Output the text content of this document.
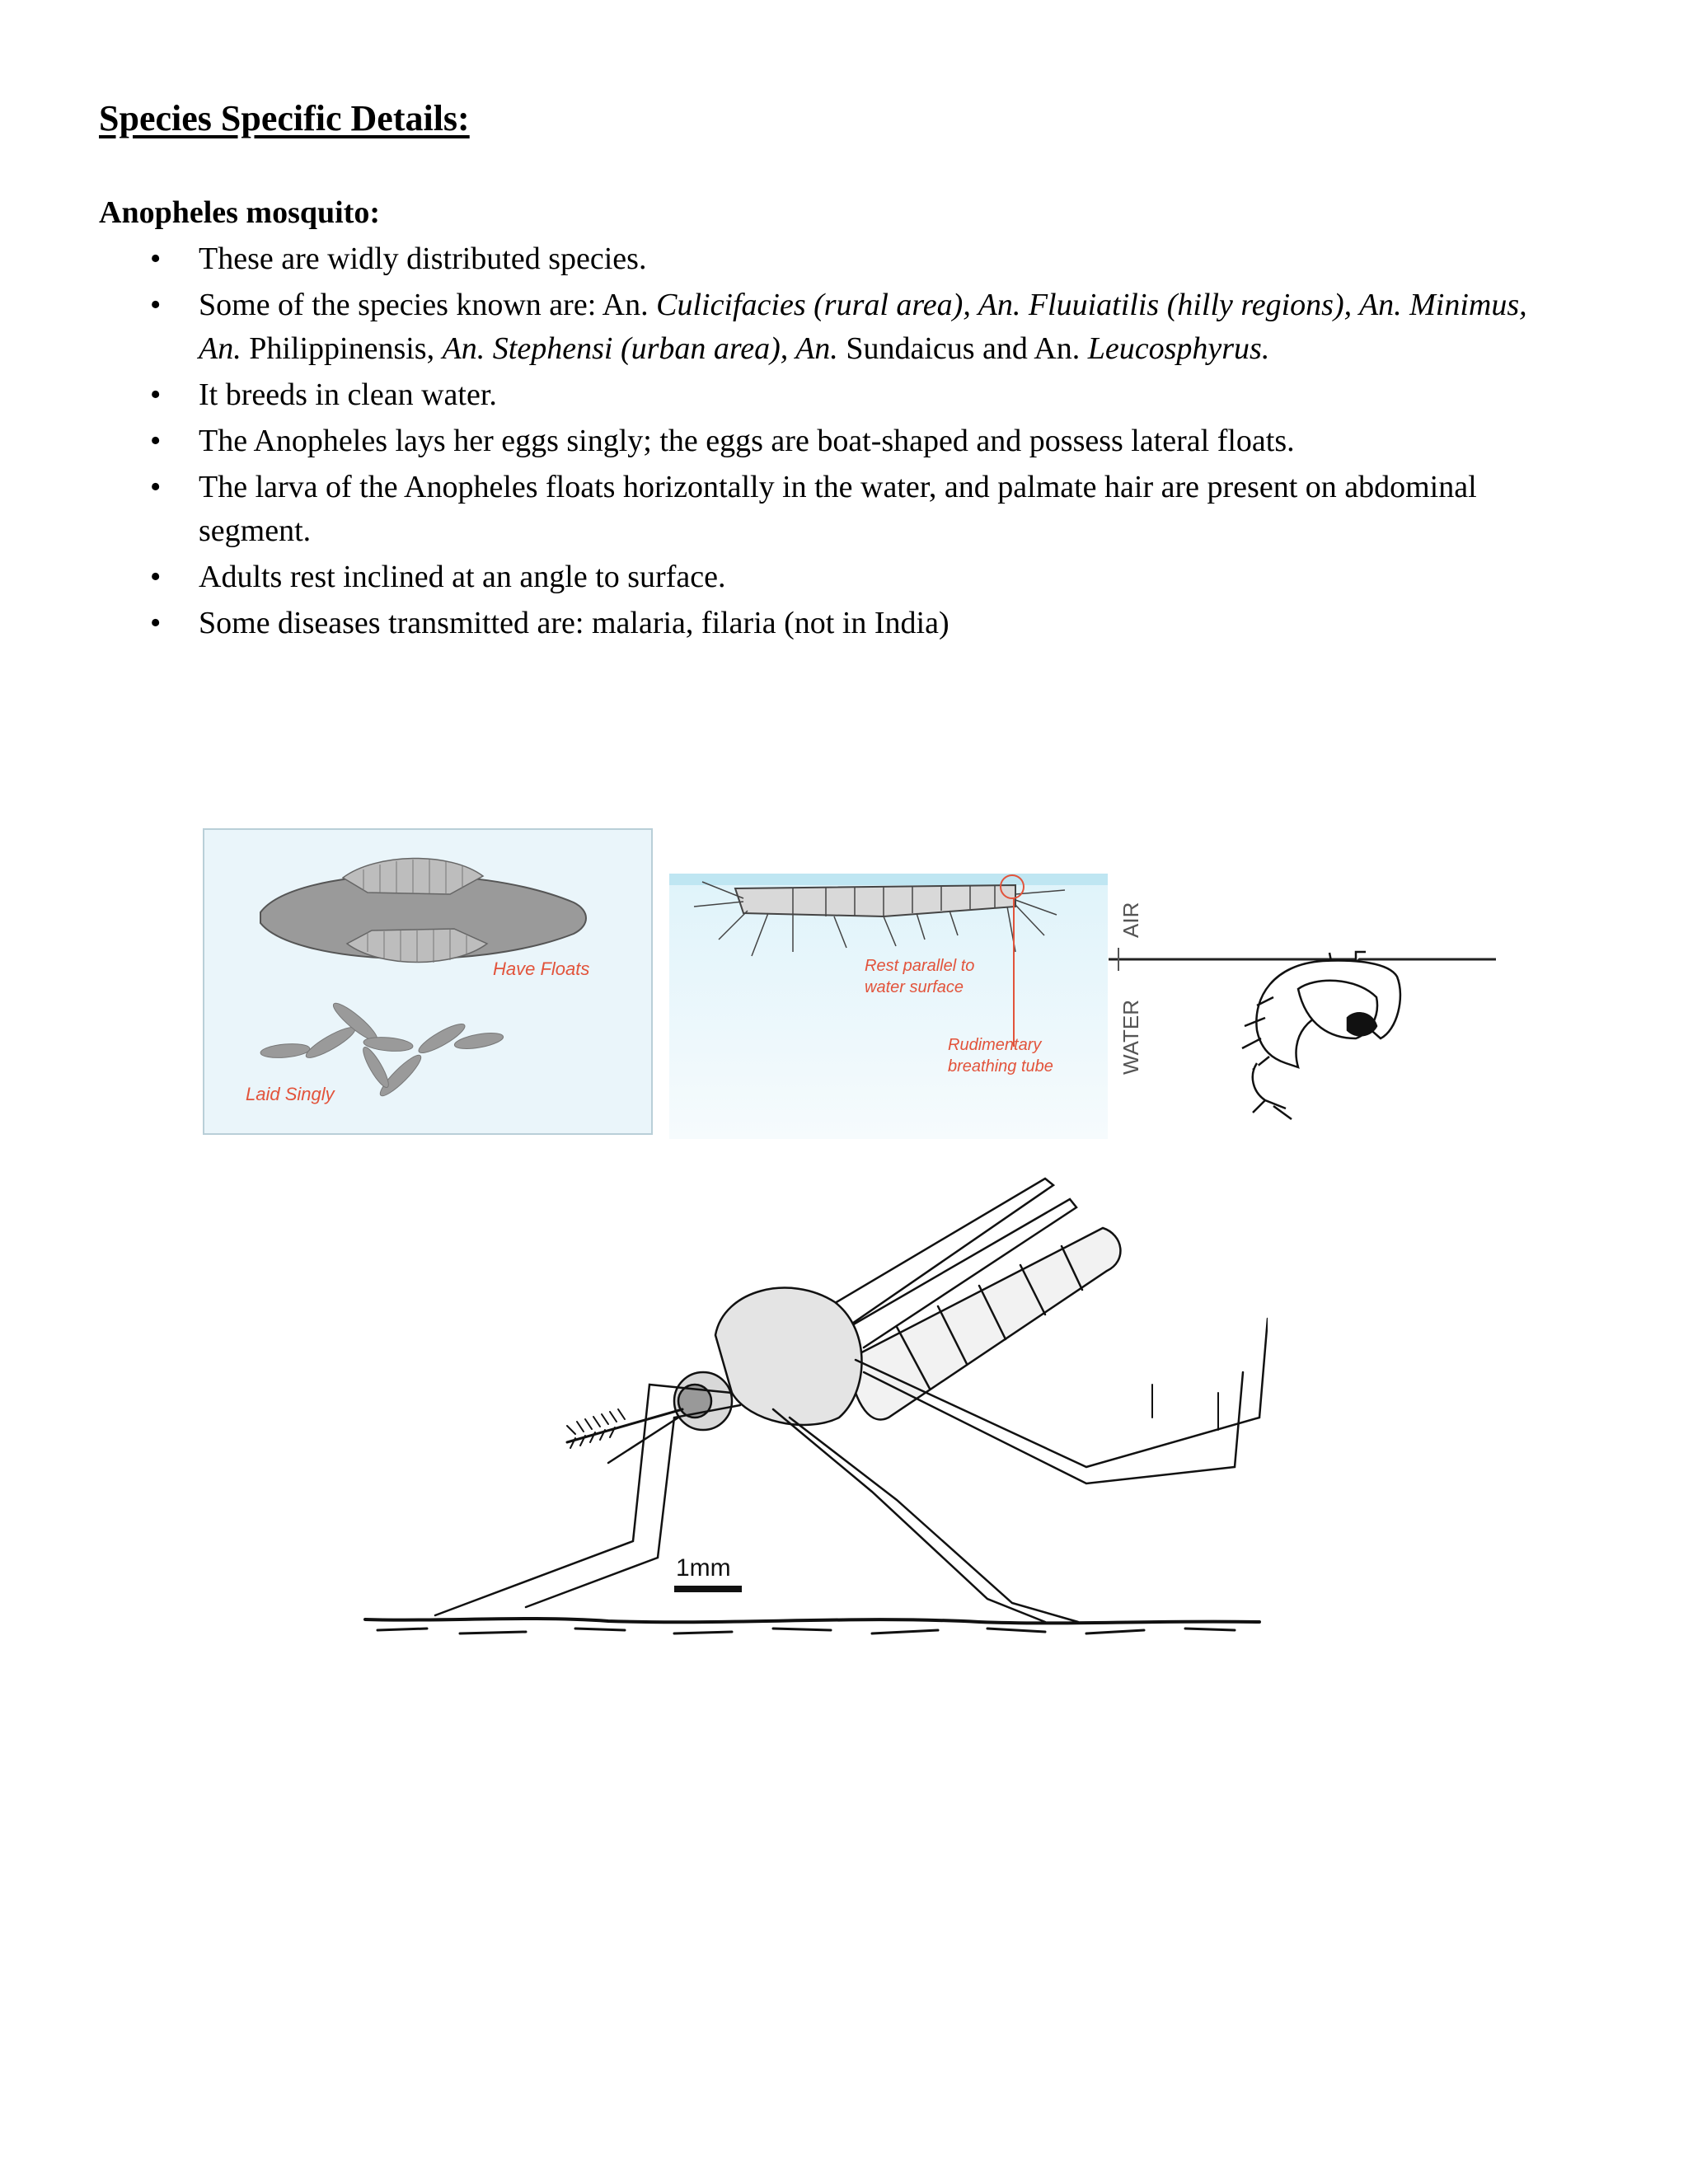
Species Specific Details:
Anopheles mosquito:
• These are widly distributed species.
• Some of the species known are: An. Culicifacies (rural area), An. Fluuiatilis (hilly regions), An. Minimus, An. Philippinensis, An. Stephensi (urban area), An. Sundaicus and An. Leucosphyrus.
• It breeds in clean water.
• The Anopheles lays her eggs singly; the eggs are boat-shaped and possess lateral floats.
• The larva of the Anopheles floats horizontally in the water, and palmate hair are present on abdominal segment.
• Adults rest inclined at an angle to surface.
• Some diseases transmitted are: malaria, filaria (not in India)
Have Floats
Laid Singly
Rest parallel to
water surface
Rudimentary
breathing tube
AIR
WATER
1mm
